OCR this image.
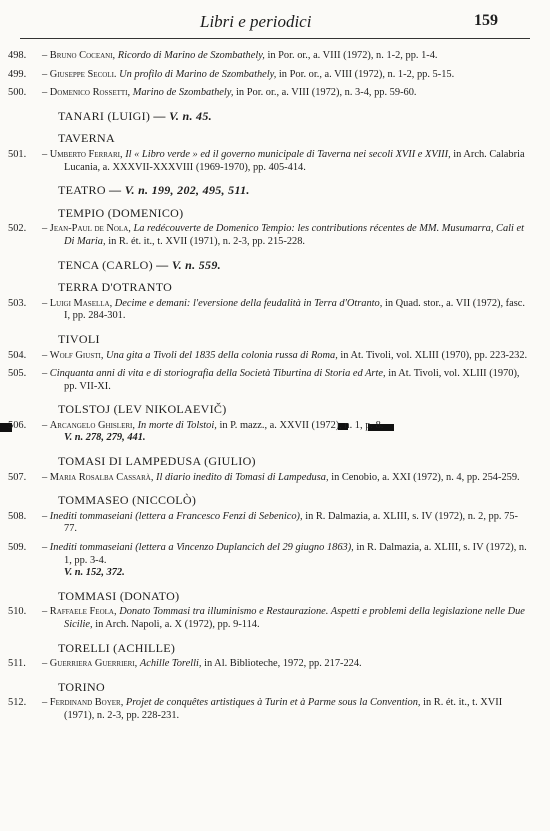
Libri e periodici	159
498.	– Bruno Coceani, Ricordo di Marino de Szombathely, in Por. or., a. VIII (1972), n. 1-2, pp. 1-4.
499.	– Giuseppe Secoli. Un profilo di Marino de Szombathely, in Por. or., a. VIII (1972), n. 1-2, pp. 5-15.
500.	– Domenico Rossetti, Marino de Szombathely, in Por. or., a. VIII (1972), n. 3-4, pp. 59-60.
TANARI (LUIGI) — V. n. 45.
TAVERNA
501.	– Umberto Ferrari, Il « Libro verde » ed il governo municipale di Taverna nei secoli XVII e XVIII, in Arch. Calabria Lucania, a. XXXVII-XXXVIII (1969-1970), pp. 405-414.
TEATRO — V. n. 199, 202, 495, 511.
TEMPIO (DOMENICO)
502.	– Jean-Paul de Nola, La redécouverte de Domenico Tempio: les contributions récentes de MM. Musumarra, Cali et Di Maria, in R. ét. it., t. XVII (1971), n. 2-3, pp. 215-228.
TENCA (CARLO) — V. n. 559.
TERRA D'OTRANTO
503.	– Luigi Masella, Decime e demani: l'eversione della feudalità in Terra d'Otranto, in Quad. stor., a. VII (1972), fasc. I, pp. 284-301.
TIVOLI
504.	– Wolf Giusti, Una gita a Tivoli del 1835 della colonia russa di Roma, in At. Tivoli, vol. XLIII (1970), pp. 223-232.
505.	– Cinquanta anni di vita e di storiografia della Società Tiburtina di Storia ed Arte, in At. Tivoli, vol. XLIII (1970), pp. VII-XI.
TOLSTOJ (LEV NIKOLAEVIČ)
506.	– Arcangelo Ghisleri, In morte di Tolstoi, in P. mazz., a. XXVII (1972), n. 1, p. 8.
V. n. 278, 279, 441.
TOMASI DI LAMPEDUSA (GIULIO)
507.	– Maria Rosalba Cassarà, Il diario inedito di Tomasi di Lampedusa, in Cenobio, a. XXI (1972), n. 4, pp. 254-259.
TOMMASEO (NICCOLÒ)
508.	– Inediti tommaseiani (lettera a Francesco Fenzi di Sebenico), in R. Dalmazia, a. XLIII, s. IV (1972), n. 2, pp. 75-77.
509.	– Inediti tommaseiani (lettera a Vincenzo Duplancich del 29 giugno 1863), in R. Dalmazia, a. XLIII, s. IV (1972), n. 1, pp. 3-4.
V. n. 152, 372.
TOMMASI (DONATO)
510.	– Raffaele Feola, Donato Tommasi tra illuminismo e Restaurazione. Aspetti e problemi della legislazione nelle Due Sicilie, in Arch. Napoli, a. X (1972), pp. 9-114.
TORELLI (ACHILLE)
511.	– Guerriera Guerrieri, Achille Torelli, in Al. Biblioteche, 1972, pp. 217-224.
TORINO
512.	– Ferdinand Boyer, Projet de conquêtes artistiques à Turin et à Parme sous la Convention, in R. ét. it., t. XVII (1971), n. 2-3, pp. 228-231.
